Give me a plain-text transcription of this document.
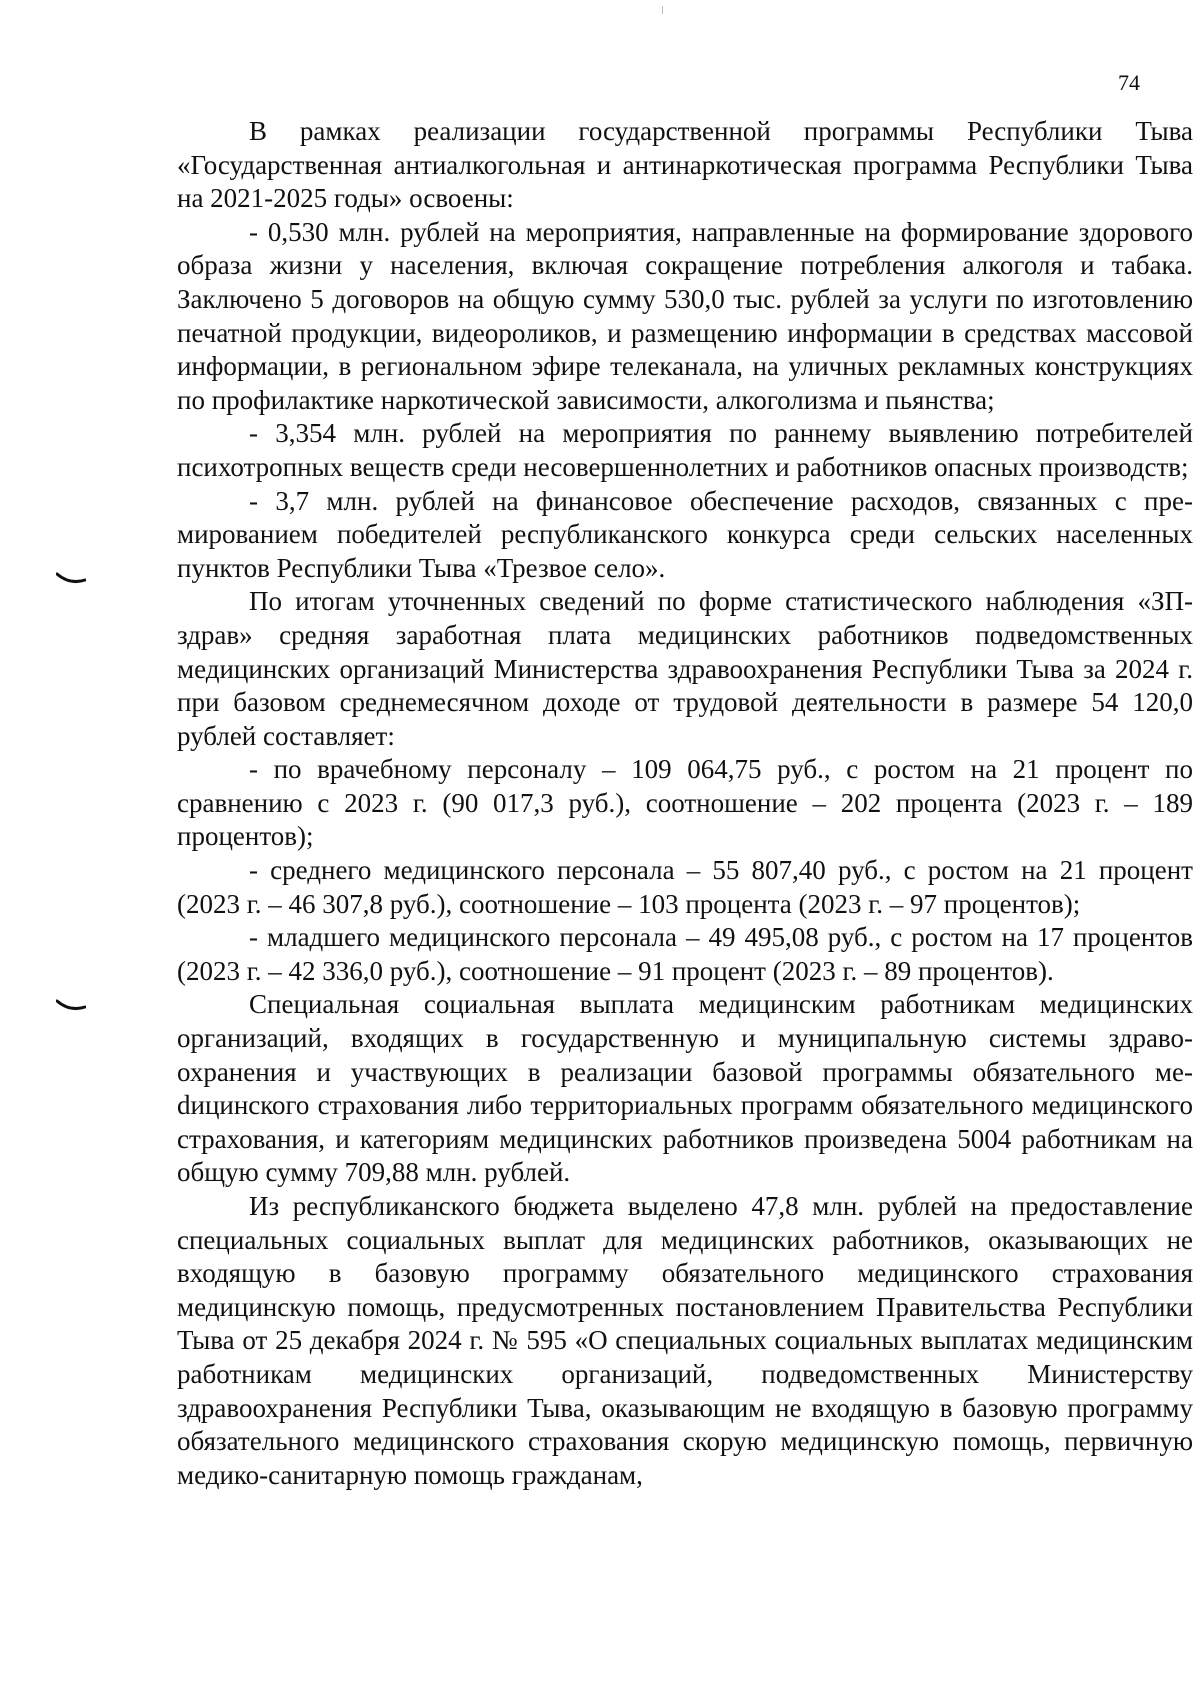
74

В рамках реализации государственной программы Республики Тыва «Государственная антиалкогольная и антинаркотическая программа Республики Тыва на 2021-2025 годы» освоены:

- 0,530 млн. рублей на мероприятия, направленные на формирование здорового образа жизни у населения, включая сокращение потребления алкоголя и табака. Заключено 5 договоров на общую сумму 530,0 тыс. рублей за услуги по изготовлению печатной продукции, видеороликов, и размещению информации в средствах массовой информации, в региональном эфире телеканала, на уличных рекламных конструкциях по профилактике наркотической зависимости, алкоголизма и пьянства;

- 3,354 млн. рублей на мероприятия по раннему выявлению потребителей психотропных веществ среди несовершеннолетних и работников опасных производств;

- 3,7 млн. рублей на финансовое обеспечение расходов, связанных с премированием победителей республиканского конкурса среди сельских населенных пунктов Республики Тыва «Трезвое село».

По итогам уточненных сведений по форме статистического наблюдения «ЗП-здрав» средняя заработная плата медицинских работников подведомственных медицинских организаций Министерства здравоохранения Республики Тыва за 2024 г. при базовом среднемесячном доходе от трудовой деятельности в размере 54 120,0 рублей составляет:

- по врачебному персоналу – 109 064,75 руб., с ростом на 21 процент по сравнению с 2023 г. (90 017,3 руб.), соотношение – 202 процента (2023 г. – 189 процентов);

- среднего медицинского персонала – 55 807,40 руб., с ростом на 21 процент (2023 г. – 46 307,8 руб.), соотношение – 103 процента (2023 г. – 97 процентов);

- младшего медицинского персонала – 49 495,08 руб., с ростом на 17 процентов (2023 г. – 42 336,0 руб.), соотношение – 91 процент (2023 г. – 89 процентов).

Специальная социальная выплата медицинским работникам медицинских организаций, входящих в государственную и муниципальную системы здравоохранения и участвующих в реализации базовой программы обязательного меdицинского страхования либо территориальных программ обязательного медицинского страхования, и категориям медицинских работников произведена 5004 работникам на общую сумму 709,88 млн. рублей.

Из республиканского бюджета выделено 47,8 млн. рублей на предоставление специальных социальных выплат для медицинских работников, оказывающих не входящую в базовую программу обязательного медицинского страхования медицинскую помощь, предусмотренных постановлением Правительства Республики Тыва от 25 декабря 2024 г. № 595 «О специальных социальных выплатах медицинским работникам медицинских организаций, подведомственных Министерству здравоохранения Республики Тыва, оказывающим не входящую в базовую программу обязательного медицинского страхования скорую медицинскую помощь, первичную медико-санитарную помощь гражданам,
